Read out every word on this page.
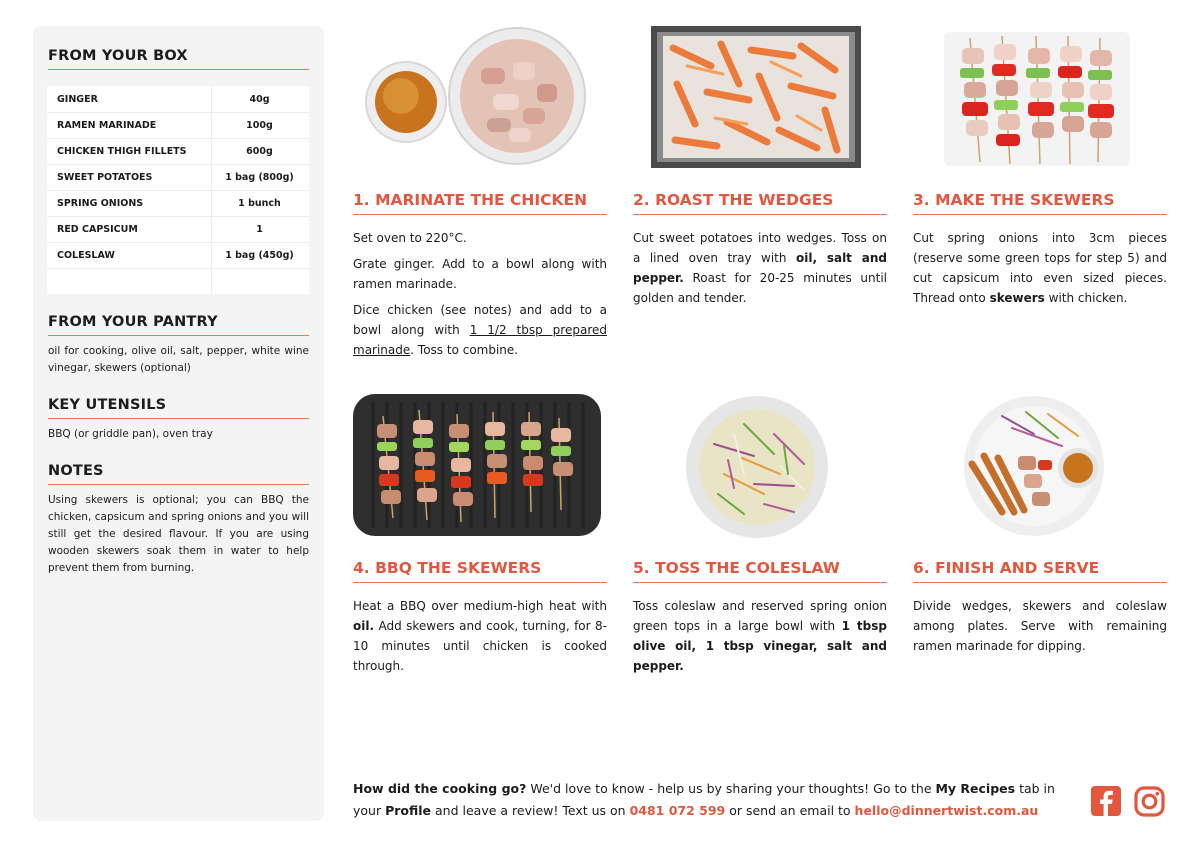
FROM YOUR BOX
GINGER	40g
RAMEN MARINADE	100g
CHICKEN THIGH FILLETS	600g
SWEET POTATOES	1 bag (800g)
SPRING ONIONS	1 bunch
RED CAPSICUM	1
COLESLAW	1 bag (450g)
FROM YOUR PANTRY
oil for cooking, olive oil, salt, pepper, white wine vinegar, skewers (optional)
KEY UTENSILS
BBQ (or griddle pan), oven tray
NOTES
Using skewers is optional; you can BBQ the chicken, capsicum and spring onions and you will still get the desired flavour. If you are using wooden skewers soak them in water to help prevent them from burning.
1. MARINATE THE CHICKEN

Set oven to 220°C.

Grate ginger. Add to a bowl along with ramen marinade.

Dice chicken (see notes) and add to a bowl along with 1 1/2 tbsp prepared marinade. Toss to combine.

2. ROAST THE WEDGES

Cut sweet potatoes into wedges. Toss on a lined oven tray with oil, salt and pepper. Roast for 20-25 minutes until golden and tender.

3. MAKE THE SKEWERS

Cut spring onions into 3cm pieces (reserve some green tops for step 5) and cut capsicum into even sized pieces. Thread onto skewers with chicken.

4. BBQ THE SKEWERS

Heat a BBQ over medium-high heat with oil. Add skewers and cook, turning, for 8-10 minutes until chicken is cooked through.

5. TOSS THE COLESLAW

Toss coleslaw and reserved spring onion green tops in a large bowl with 1 tbsp olive oil, 1 tbsp vinegar, salt and pepper.

6. FINISH AND SERVE

Divide wedges, skewers and coleslaw among plates. Serve with remaining ramen marinade for dipping.

How did the cooking go? We'd love to know - help us by sharing your thoughts! Go to the My Recipes tab in your Profile and leave a review! Text us on 0481 072 599 or send an email to hello@dinnertwist.com.au
